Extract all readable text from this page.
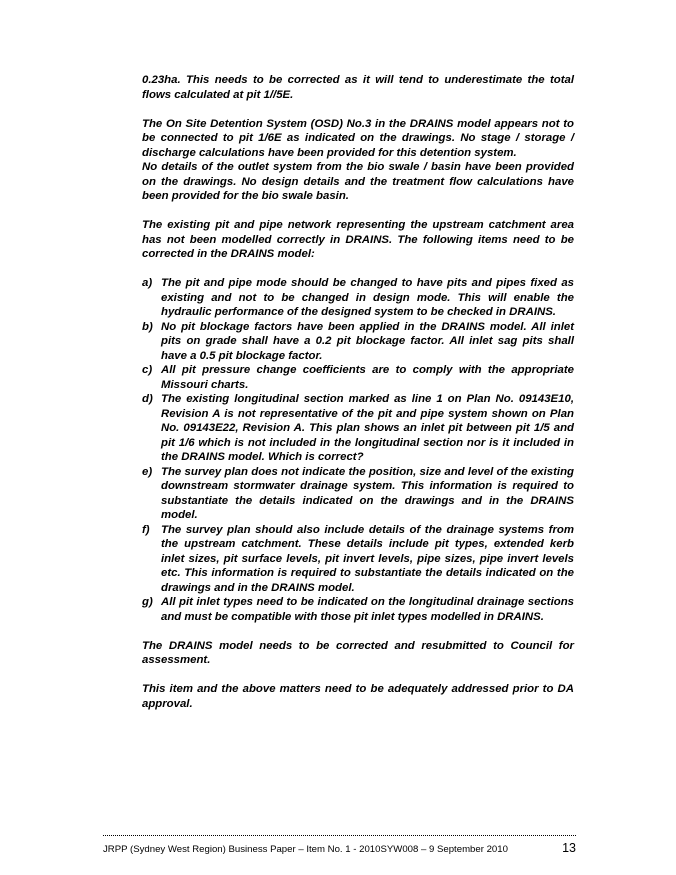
0.23ha. This needs to be corrected as it will tend to underestimate the total flows calculated at pit 1//5E.

The On Site Detention System (OSD) No.3 in the DRAINS model appears not to be connected to pit 1/6E as indicated on the drawings. No stage / storage / discharge calculations have been provided for this detention system.

No details of the outlet system from the bio swale / basin have been provided on the drawings. No design details and the treatment flow calculations have been provided for the bio swale basin.

The existing pit and pipe network representing the upstream catchment area has not been modelled correctly in DRAINS. The following items need to be corrected in the DRAINS model:

a) The pit and pipe mode should be changed to have pits and pipes fixed as existing and not to be changed in design mode. This will enable the hydraulic performance of the designed system to be checked in DRAINS.
b) No pit blockage factors have been applied in the DRAINS model. All inlet pits on grade shall have a 0.2 pit blockage factor. All inlet sag pits shall have a 0.5 pit blockage factor.
c) All pit pressure change coefficients are to comply with the appropriate Missouri charts.
d) The existing longitudinal section marked as line 1 on Plan No. 09143E10, Revision A is not representative of the pit and pipe system shown on Plan No. 09143E22, Revision A. This plan shows an inlet pit between pit 1/5 and pit 1/6 which is not included in the longitudinal section nor is it included in the DRAINS model. Which is correct?
e) The survey plan does not indicate the position, size and level of the existing downstream stormwater drainage system. This information is required to substantiate the details indicated on the drawings and in the DRAINS model.
f) The survey plan should also include details of the drainage systems from the upstream catchment. These details include pit types, extended kerb inlet sizes, pit surface levels, pit invert levels, pipe sizes, pipe invert levels etc. This information is required to substantiate the details indicated on the drawings and in the DRAINS model.
g) All pit inlet types need to be indicated on the longitudinal drainage sections and must be compatible with those pit inlet types modelled in DRAINS.

The DRAINS model needs to be corrected and resubmitted to Council for assessment.

This item and the above matters need to be adequately addressed prior to DA approval.

JRPP (Sydney West Region) Business Paper – Item No. 1 - 2010SYW008 – 9 September 2010	13
